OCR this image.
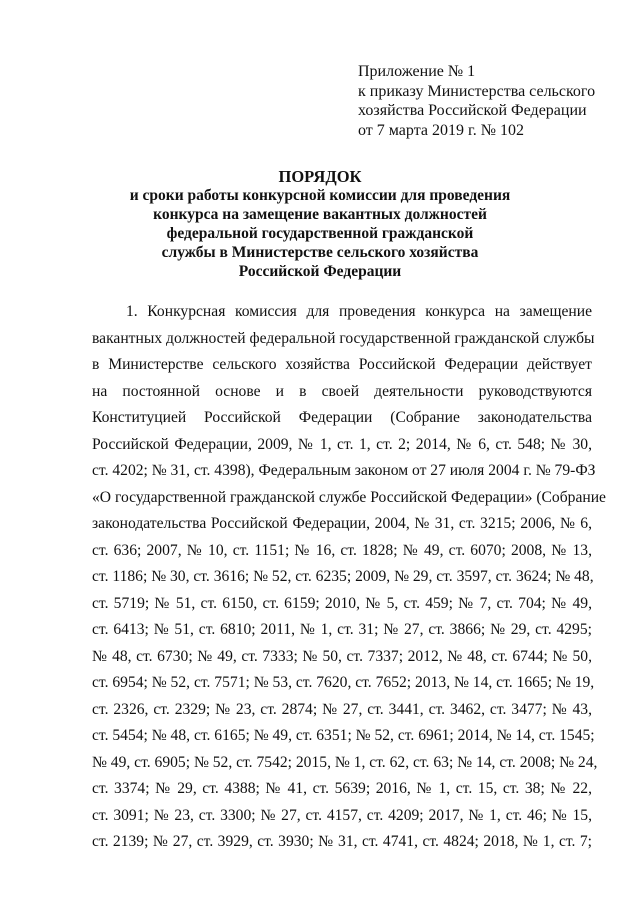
Приложение № 1
к приказу Министерства сельского
хозяйства Российской Федерации
от 7 марта 2019 г. № 102
ПОРЯДОК
и сроки работы конкурсной комиссии для проведения
конкурса на замещение вакантных должностей
федеральной государственной гражданской
службы в Министерстве сельского хозяйства
Российской Федерации
1. Конкурсная комиссия для проведения конкурса на замещение
вакантных должностей федеральной государственной гражданской службы
в Министерстве сельского хозяйства Российской Федерации действует
на постоянной основе и в своей деятельности руководствуются
Конституцией Российской Федерации (Собрание законодательства
Российской Федерации, 2009, № 1, ст. 1, ст. 2; 2014, № 6, ст. 548; № 30,
ст. 4202; № 31, ст. 4398), Федеральным законом от 27 июля 2004 г. № 79-ФЗ
«О государственной гражданской службе Российской Федерации» (Собрание
законодательства Российской Федерации, 2004, № 31, ст. 3215; 2006, № 6,
ст. 636; 2007, № 10, ст. 1151; № 16, ст. 1828; № 49, ст. 6070; 2008, № 13,
ст. 1186; № 30, ст. 3616; № 52, ст. 6235; 2009, № 29, ст. 3597, ст. 3624; № 48,
ст. 5719; № 51, ст. 6150, ст. 6159; 2010, № 5, ст. 459; № 7, ст. 704; № 49,
ст. 6413; № 51, ст. 6810; 2011, № 1, ст. 31; № 27, ст. 3866; № 29, ст. 4295;
№ 48, ст. 6730; № 49, ст. 7333; № 50, ст. 7337; 2012, № 48, ст. 6744; № 50,
ст. 6954; № 52, ст. 7571; № 53, ст. 7620, ст. 7652; 2013, № 14, ст. 1665; № 19,
ст. 2326, ст. 2329; № 23, ст. 2874; № 27, ст. 3441, ст. 3462, ст. 3477; № 43,
ст. 5454; № 48, ст. 6165; № 49, ст. 6351; № 52, ст. 6961; 2014, № 14, ст. 1545;
№ 49, ст. 6905; № 52, ст. 7542; 2015, № 1, ст. 62, ст. 63; № 14, ст. 2008; № 24,
ст. 3374; № 29, ст. 4388; № 41, ст. 5639; 2016, № 1, ст. 15, ст. 38; № 22,
ст. 3091; № 23, ст. 3300; № 27, ст. 4157, ст. 4209; 2017, № 1, ст. 46; № 15,
ст. 2139; № 27, ст. 3929, ст. 3930; № 31, ст. 4741, ст. 4824; 2018, № 1, ст. 7;
